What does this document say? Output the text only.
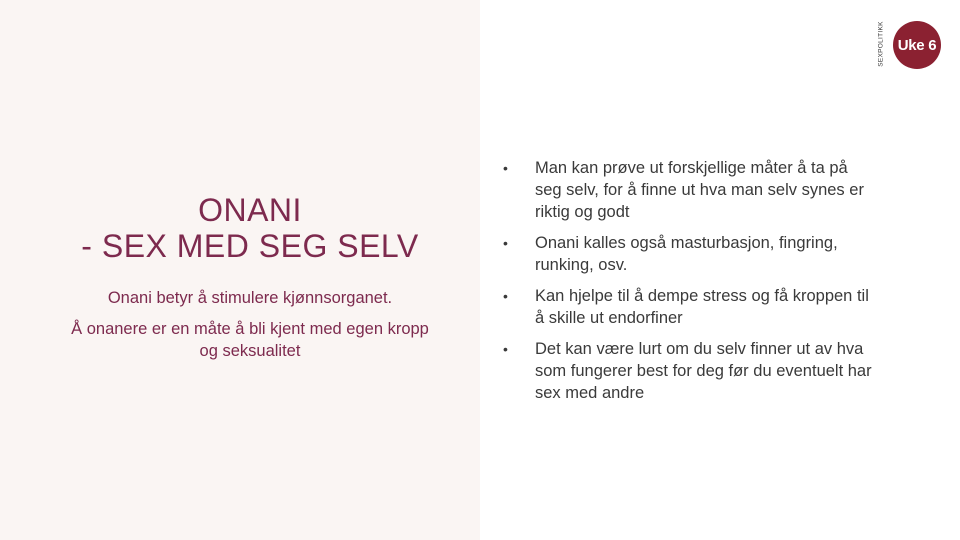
ONANI
- SEX MED SEG SELV
Onani betyr å stimulere kjønnsorganet.
Å onanere er en måte å bli kjent med egen kropp
og seksualitet
• Man kan prøve ut forskjellige måter å ta på
seg selv, for å finne ut hva man selv synes er
riktig og godt
• Onani kalles også masturbasjon, fingring,
runking, osv.
• Kan hjelpe til å dempe stress og få kroppen til
å skille ut endorfiner
• Det kan være lurt om du selv finner ut av hva
som fungerer best for deg før du eventuelt har
sex med andre
SEXPOLITIKK Uke 6
